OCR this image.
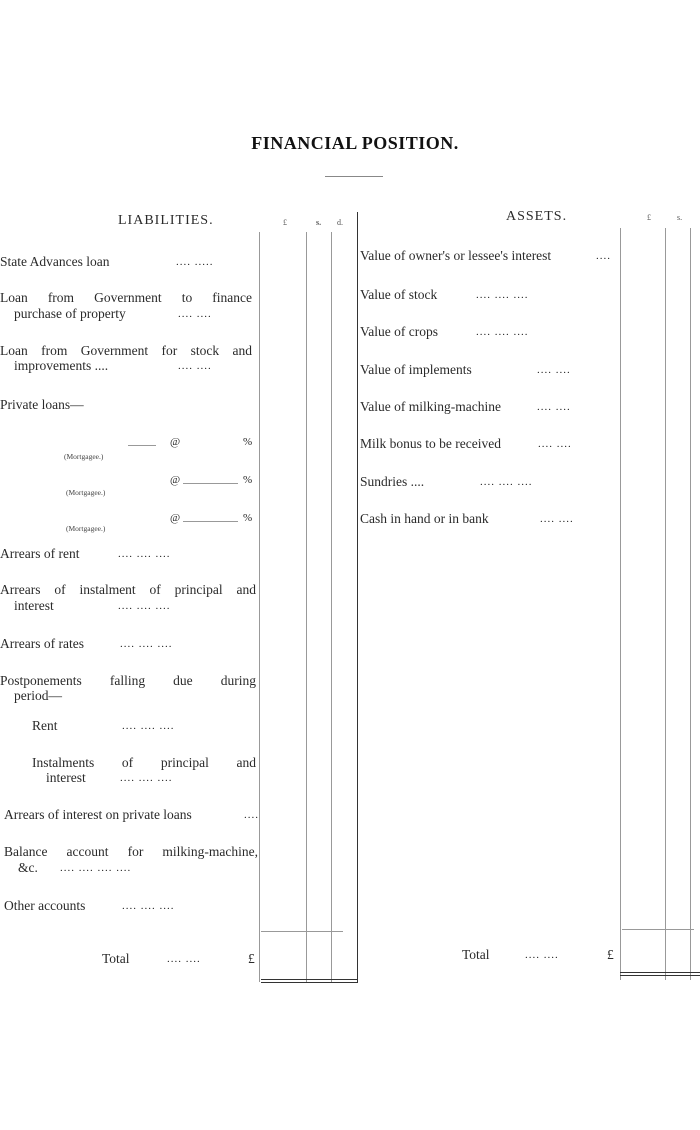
FINANCIAL POSITION.
LIABILITIES.	£	s. d.	ASSETS.	£	s.
State Advances loan	.... .....
Loan from Government to finance
purchase of property	.... ....
Loan from Government for stock and
improvements ....	.... ....
Private loans—
(Mortgagee.)
@	%
(Mortgagee.)
@	%
(Mortgagee.)
@	%
Arrears of rent	.... .... ....
Arrears of instalment of principal and
interest	.... .... ....
Arrears of rates	.... .... ....
Postponements falling due during
period—
Rent	.... .... ....
Instalments of principal and
interest	.... .... ....
Arrears of interest on private loans	....
Balance account for milking-machine,
&c. .... .... .... ....
Other accounts	.... .... ....
Total	.... ....	£
Value of owner's or lessee's interest	....
Value of stock	.... .... ....
Value of crops	.... .... ....
Value of implements	.... ....
Value of milking-machine	.... ....
Milk bonus to be received	.... ....
Sundries ....	.... .... ....
Cash in hand or in bank	.... ....
Total	.... ....	£
